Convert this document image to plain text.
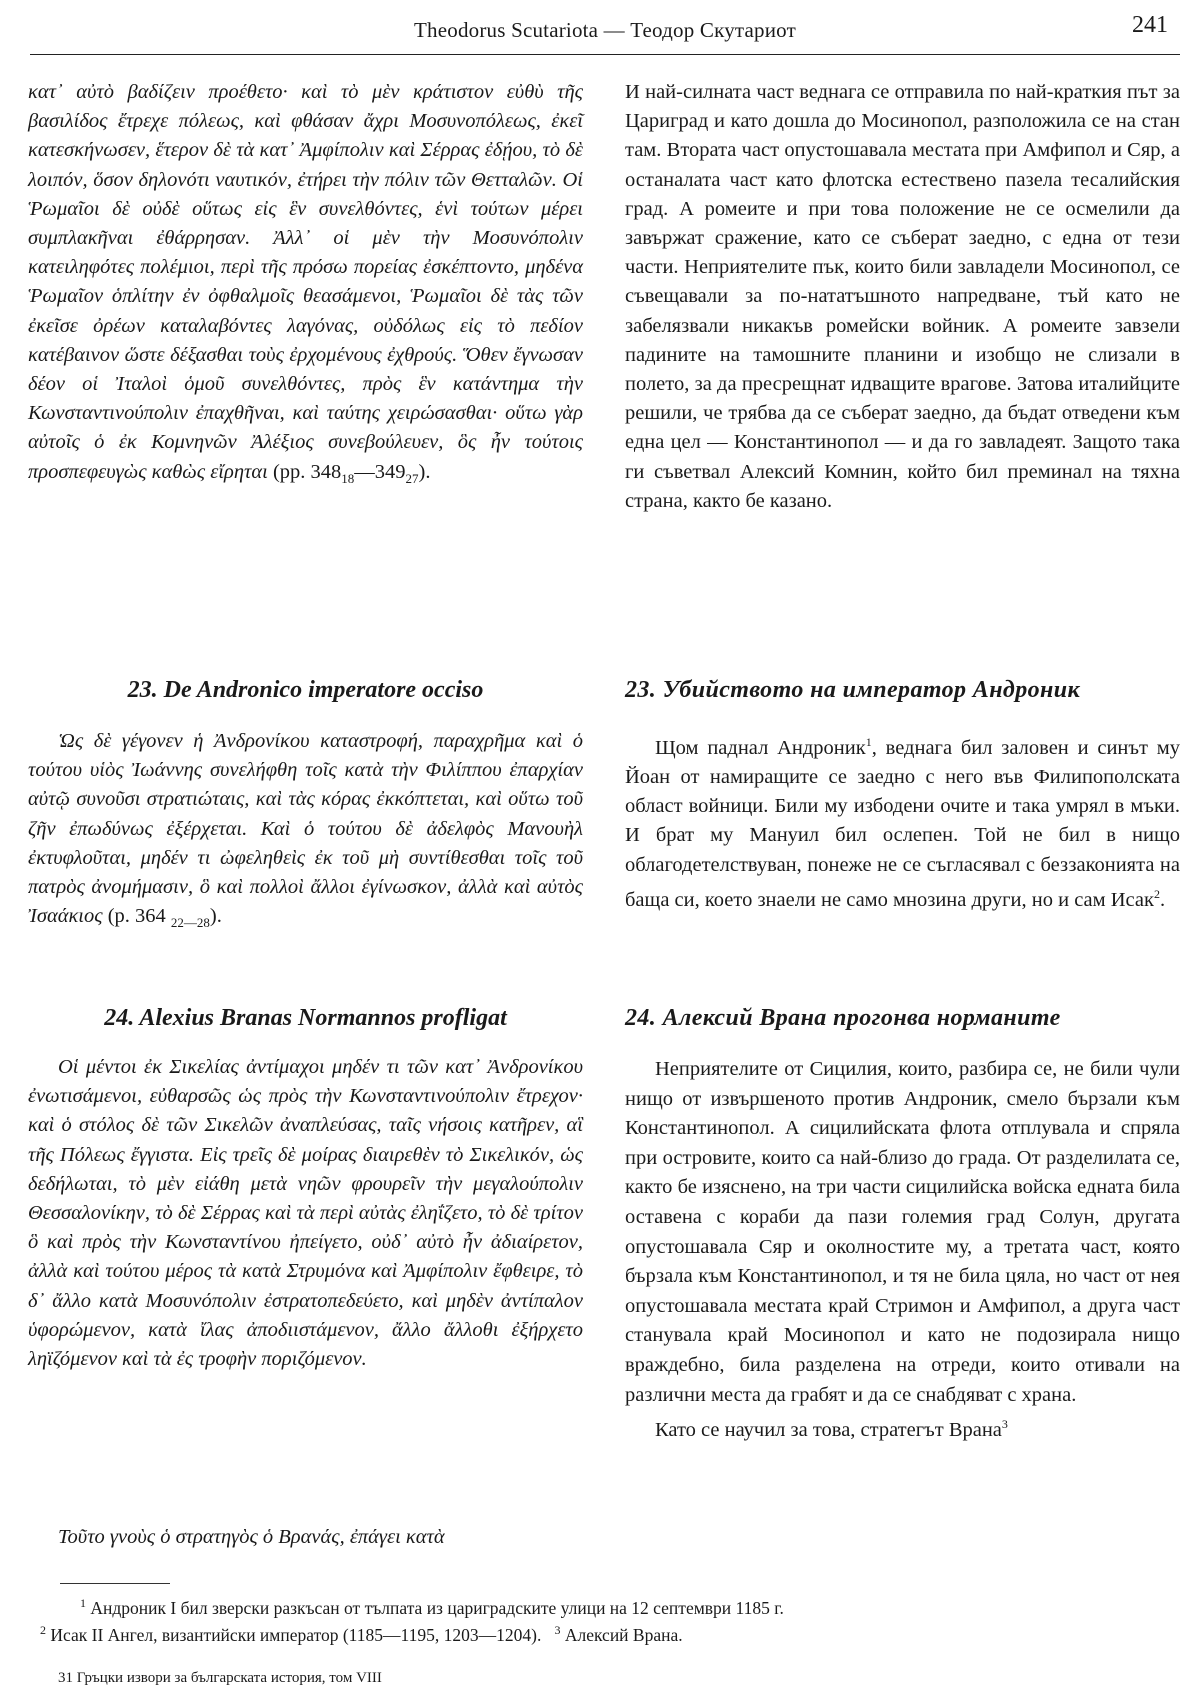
Theodorus Scutariota — Теодор Скутариот	241

κατ᾽ αὐτὸ βαδίζειν προέθετο· καὶ τὸ μὲν κράτιστον εὐθὺ τῆς βασιλίδος ἔτρεχε πόλεως, καὶ φθάσαν ἄχρι Μοσυνοπόλεως, ἐκεῖ κατεσκήνωσεν, ἕτερον δὲ τὰ κατ᾽ Ἀμφίπολιν καὶ Σέρρας ἐδῄου, τὸ δὲ λοιπόν, ὅσον δηλονότι ναυτικόν, ἐτήρει τὴν πόλιν τῶν Θετταλῶν. Οἱ Ῥωμαῖοι δὲ οὐδὲ οὕτως εἰς ἓν συνελθόντες, ἑνὶ τούτων μέρει συμπλακῆναι ἐθάρρησαν. Ἀλλ᾽ οἱ μὲν τὴν Μοσυνόπολιν κατειληφότες πολέμιοι, περὶ τῆς πρόσω πορείας ἐσκέπτοντο, μηδένα Ῥωμαῖον ὁπλίτην ἐν ὀφθαλμοῖς θεασάμενοι, Ῥωμαῖοι δὲ τὰς τῶν ἐκεῖσε ὀρέων καταλαβόντες λαγόνας, οὐδόλως εἰς τὸ πεδίον κατέβαινον ὥστε δέξασθαι τοὺς ἐρχομένους ἐχθρούς. Ὅθεν ἔγνωσαν δέον οἱ Ἰταλοὶ ὁμοῦ συνελθόντες, πρὸς ἓν κατάντημα τὴν Κωνσταντινούπολιν ἐπαχθῆναι, καὶ ταύτης χειρώσασθαι· οὕτω γὰρ αὐτοῖς ὁ ἐκ Κομνηνῶν Ἀλέξιος συνεβούλευεν, ὃς ἦν τούτοις προσπεφευγὼς καθὼς εἴρηται (pp. $348_{18}—349_{27}$).

23. De Andronico imperatore occiso

Ὡς δὲ γέγονεν ἡ Ἀνδρονίκου καταστροφή, παραχρῆμα καὶ ὁ τούτου υἱὸς Ἰωάννης συνελήφθη τοῖς κατὰ τὴν Φιλίππου ἐπαρχίαν αὐτῷ συνοῦσι στρατιώταις, καὶ τὰς κόρας ἐκκόπτεται, καὶ οὕτω τοῦ ζῆν ἐπωδύνως ἐξέρχεται. Καὶ ὁ τούτου δὲ ἀδελφὸς Μανουὴλ ἐκτυφλοῦται, μηδέν τι ὠφεληθεὶς ἐκ τοῦ μὴ συντίθεσθαι τοῖς τοῦ πατρὸς ἀνομήμασιν, ὃ καὶ πολλοὶ ἄλλοι ἐγίνωσκον, ἀλλὰ καὶ αὐτὸς Ἰσαάκιος (p. 364 $_{22—28}$).

24. Alexius Branas Normannos profligat

Οἱ μέντοι ἐκ Σικελίας ἀντίμαχοι μηδέν τι τῶν κατ᾽ Ἀνδρονίκου ἐνωτισάμενοι, εὐθαρσῶς ὡς πρὸς τὴν Κωνσταντινούπολιν ἔτρεχον· καὶ ὁ στόλος δὲ τῶν Σικελῶν ἀναπλεύσας, ταῖς νήσοις κατῆρεν, αἳ τῆς Πόλεως ἔγγιστα. Εἰς τρεῖς δὲ μοίρας διαιρεθὲν τὸ Σικελικόν, ὡς δεδήλωται, τὸ μὲν εἰάθη μετὰ νηῶν φρουρεῖν τὴν μεγαλούπολιν Θεσσαλονίκην, τὸ δὲ Σέρρας καὶ τὰ περὶ αὐτὰς ἐληΐζετο, τὸ δὲ τρίτον ὃ καὶ πρὸς τὴν Κωνσταντίνου ἠπείγετο, οὐδ᾽ αὐτὸ ἦν ἀδιαίρετον, ἀλλὰ καὶ τούτου μέρος τὰ κατὰ Στρυμόνα καὶ Ἀμφίπολιν ἔφθειρε, τὸ δ᾽ ἄλλο κατὰ Μοσυνόπολιν ἐστρατοπεδεύετο, καὶ μηδὲν ἀντίπαλον ὑφορώμενον, κατὰ ἴλας ἀποδιιστάμενον, ἄλλο ἄλλοθι ἐξήρχετο ληϊζόμενον καὶ τὰ ἐς τροφὴν ποριζόμενον.

Τοῦτο γνοὺς ὁ στρατηγὸς ὁ Βρανάς, ἐπάγει κατὰ

И най-силната част веднага се отправила по най-краткия път за Цариград и като дошла до Мосинопол, разположила се на стан там. Втората част опустошавала местата при Амфипол и Сяр, а останалата част като флотска естествено пазела тесалийския град. А ромеите и при това положение не се осмелили да завържат сражение, като се съберат заедно, с една от тези части. Неприятелите пък, които били завладели Мосинопол, се съвещавали за по-нататъшното напредване, тъй като не забелязвали никакъв ромейски войник. А ромеите завзели падините на тамошните планини и изобщо не слизали в полето, за да пресрещнат идващите врагове. Затова италийците решили, че трябва да се съберат заедно, да бъдат отведени към една цел — Константинопол — и да го завладеят. Защото така ги съветвал Алексий Комнин, който бил преминал на тяхна страна, както бе казано.

23. Убийството на император Андроник

Щом паднал Андроник$^1$, веднага бил заловен и синът му Йоан от намиращите се заедно с него във Филипополската област войници. Били му избодени очите и така умрял в мъки. И брат му Мануил бил ослепен. Той не бил в нищо облагодетелствуван, понеже не се съгласявал с беззаконията на баща си, което знаели не само мнозина други, но и сам Исак$^2$.

24. Алексий Врана прогонва норманите

Неприятелите от Сицилия, които, разбира се, не били чули нищо от извършеното против Андроник, смело бързали към Константинопол. А сицилийската флота отплувала и спряла при островите, които са най-близо до града. От разделилата се, както бе изяснено, на три части сицилийска войска едната била оставена с кораби да пази големия град Солун, другата опустошавала Сяр и околностите му, а третата част, която бързала към Константинопол, и тя не била цяла, но част от нея опустошавала местата край Стримон и Амфипол, а друга част станувала край Мосинопол и като не подозирала нищо враждебно, била разделена на отреди, които отивали на различни места да грабят и да се снабдяват с храна.

Като се научил за това, стратегът Врана$^3$

$^1$ Андроник I бил зверски разкъсан от тълпата из цариградските улици на 12 септември 1185 г.
$^2$ Исак II Ангел, византийски император (1185—1195, 1203—1204). $^3$ Алексий Врана.
31 Гръцки извори за българската история, том VIII
